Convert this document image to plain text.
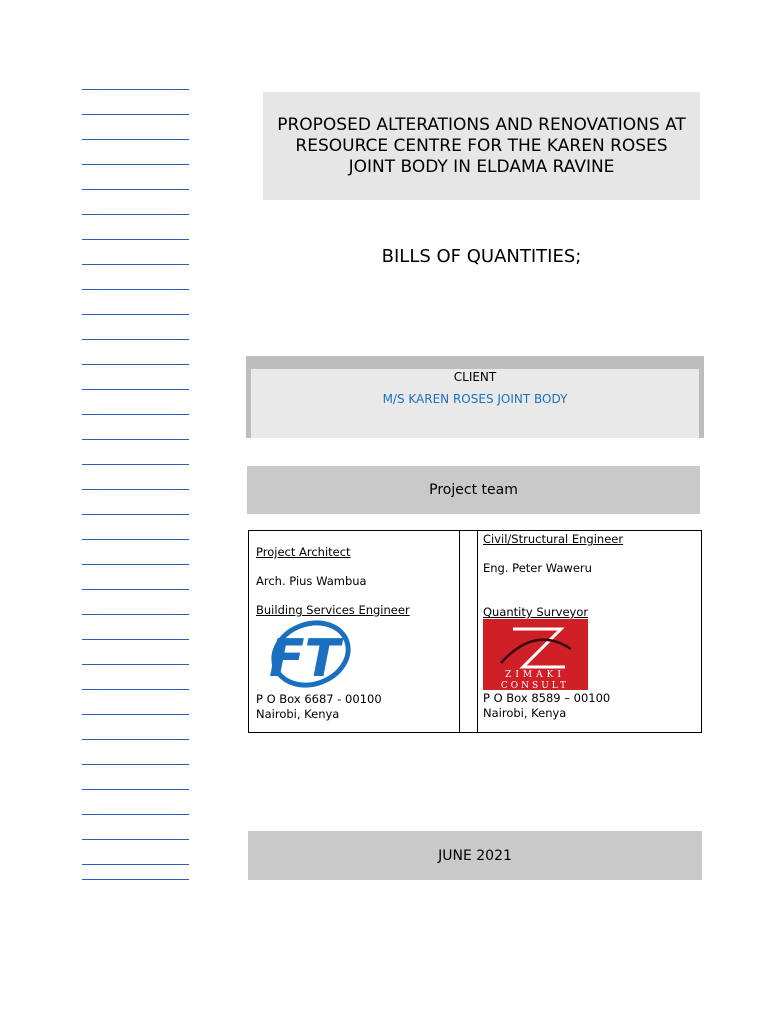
PROPOSED ALTERATIONS AND RENOVATIONS AT RESOURCE CENTRE FOR THE KAREN ROSES JOINT BODY IN ELDAMA RAVINE
BILLS OF QUANTITIES;
CLIENT
M/S KAREN ROSES JOINT BODY
Project team
Project Architect
Arch. Pius Wambua
Building Services Engineer
FT
P O Box 6687 - 00100
Nairobi, Kenya
Civil/Structural Engineer
Eng. Peter Waweru
Quantity Surveyor
ZIMAKI
CONSULT
P O Box 8589 – 00100
Nairobi, Kenya
JUNE 2021
